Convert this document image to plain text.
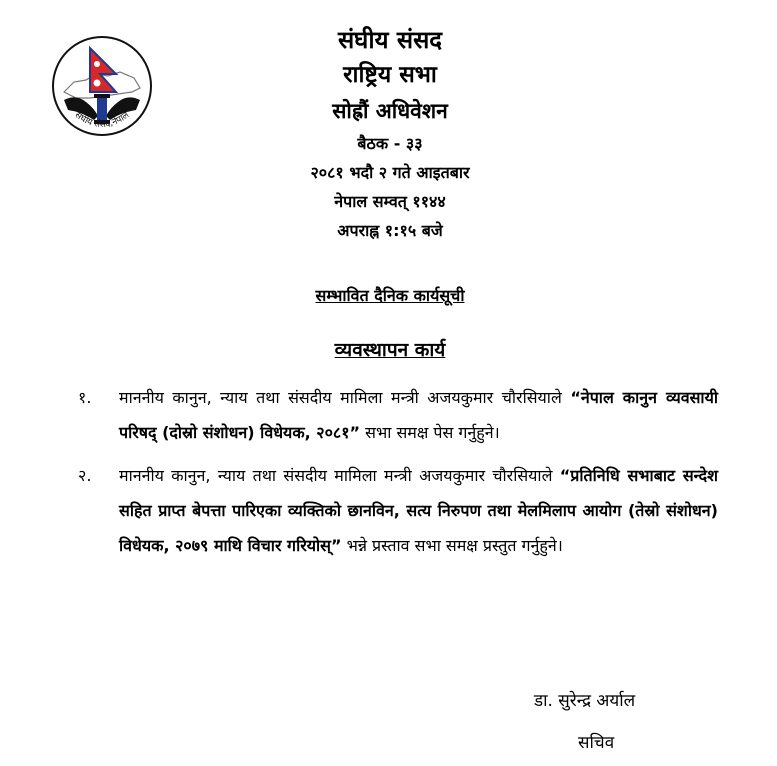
संघीय संसद,नेपाल
संघीय संसद
राष्ट्रिय सभा
सोह्रौं अधिवेशन
बैठक - ३३
२०८१ भदौ २ गते आइतबार
नेपाल सम्वत् ११४४
अपराह्न १:१५ बजे
सम्भावित दैनिक कार्यसूची
व्यवस्थापन कार्य
१. माननीय कानुन, न्याय तथा संसदीय मामिला मन्त्री अजयकुमार चौरसियाले “नेपाल कानुन व्यवसायी परिषद् (दोस्रो संशोधन) विधेयक, २०८१” सभा समक्ष पेस गर्नुहुने।
२. माननीय कानुन, न्याय तथा संसदीय मामिला मन्त्री अजयकुमार चौरसियाले “प्रतिनिधि सभाबाट सन्देश सहित प्राप्त बेपत्ता पारिएका व्यक्तिको छानविन, सत्य निरुपण तथा मेलमिलाप आयोग (तेस्रो संशोधन) विधेयक, २०७९ माथि विचार गरियोस्” भन्ने प्रस्ताव सभा समक्ष प्रस्तुत गर्नुहुने।
डा. सुरेन्द्र अर्याल
सचिव
